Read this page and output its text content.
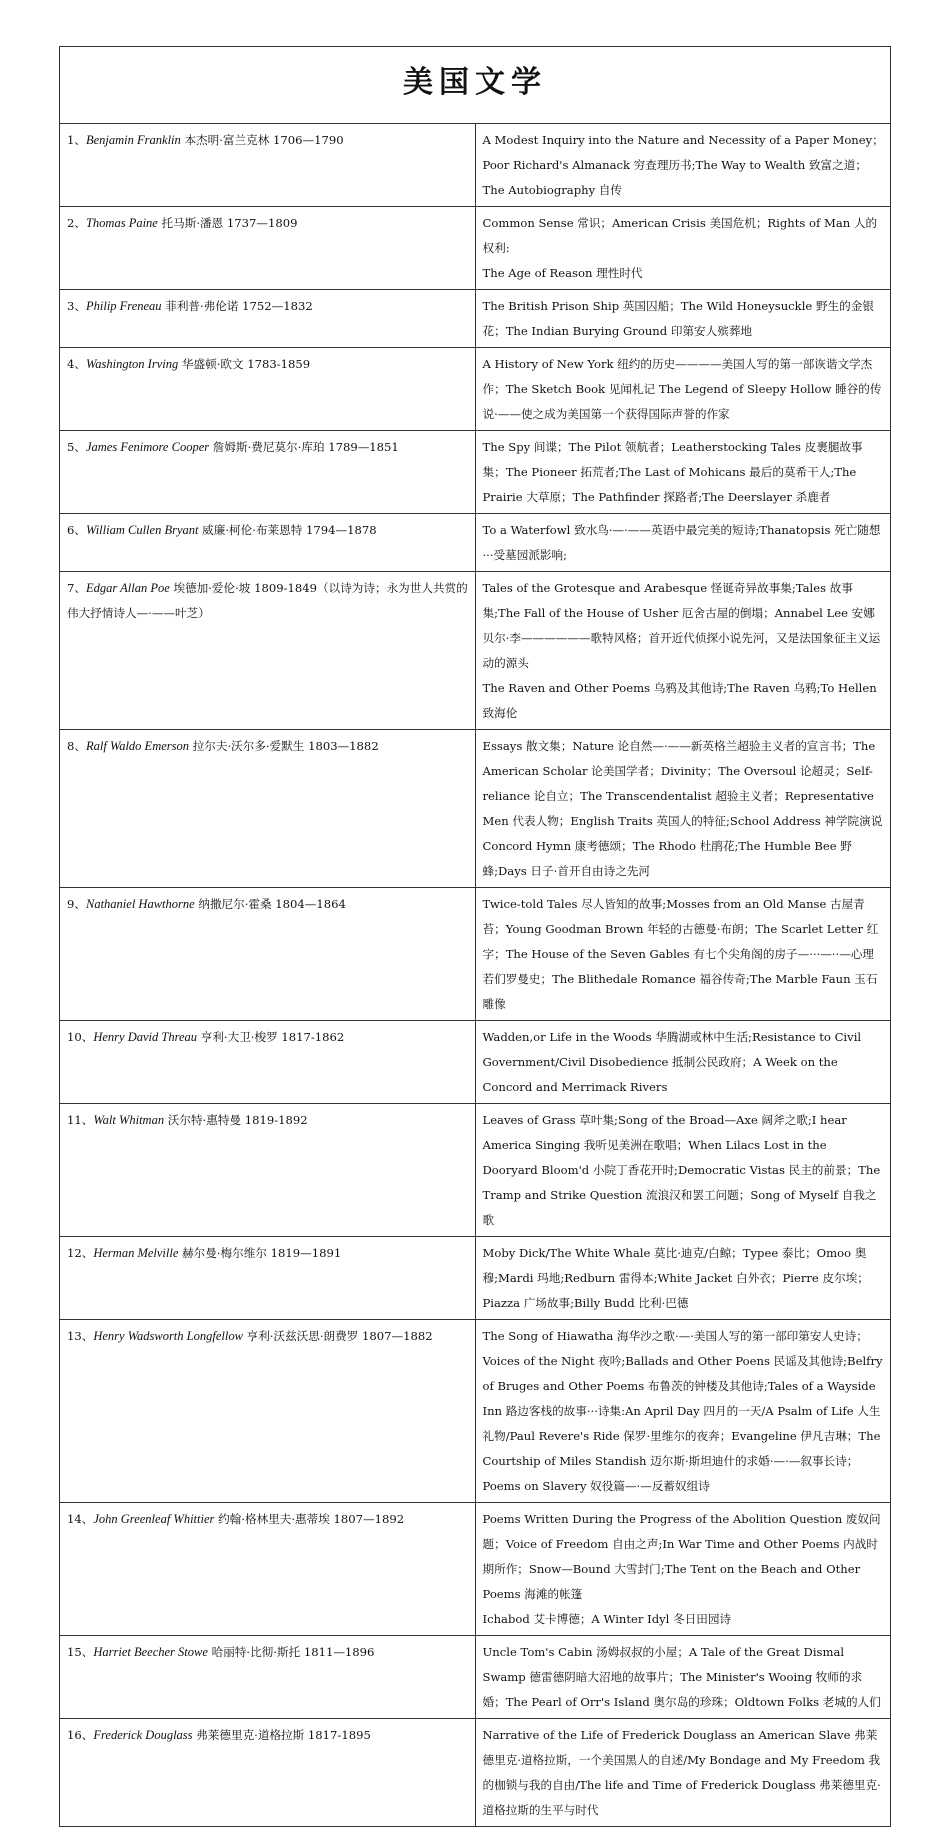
美国文学	
1、Benjamin Franklin 本杰明·富兰克林 1706—1790	A Modest Inquiry into the Nature and Necessity of a Paper Money；Poor Richard's Almanack 穷查理历书;The Way to Wealth 致富之道；The Autobiography 自传

2、Thomas Paine 托马斯·潘恩 1737—1809	Common Sense 常识；American Crisis 美国危机；Rights of Man 人的权利:
The Age of Reason 理性时代

3、Philip Freneau 菲利普·弗伦诺 1752—1832	The British Prison Ship 英国囚船；The Wild Honeysuckle 野生的金银花；The Indian Burying Ground 印第安人殡葬地

4、Washington Irving 华盛顿·欧文 1783-1859	A History of New York 纽约的历史————美国人写的第一部诙谐文学杰作；The Sketch Book 见闻札记 The Legend of Sleepy Hollow 睡谷的传说·——使之成为美国第一个获得国际声誉的作家

5、James Fenimore Cooper 詹姆斯·费尼莫尔·库珀 1789—1851	The Spy 间谍；The Pilot 领航者；Leatherstocking Tales 皮裹腿故事集；The Pioneer 拓荒者;The Last of Mohicans 最后的莫希干人;The Prairie 大草原；The Pathfinder 探路者;The Deerslayer 杀鹿者

6、William Cullen Bryant 威廉·柯伦·布莱恩特 1794—1878	To a Waterfowl 致水鸟·—·——英语中最完美的短诗;Thanatopsis 死亡随想···受墓园派影响;

7、Edgar Allan Poe 埃德加·爱伦·坡 1809-1849（以诗为诗；永为世人共赏的伟大抒情诗人—·——叶芝）	Tales of the Grotesque and Arabesque 怪诞奇异故事集;Tales 故事集;The Fall of the House of Usher 厄舍古屋的倒塌；Annabel Lee 安娜贝尔·李——————歌特风格；首开近代侦探小说先河，又是法国象征主义运动的源头
The Raven and Other Poems 乌鸦及其他诗;The Raven 乌鸦;To Hellen 致海伦

8、Ralf Waldo Emerson 拉尔夫·沃尔多·爱默生 1803—1882	Essays 散文集；Nature 论自然—·——新英格兰超验主义者的宣言书；The American Scholar 论美国学者；Divinity；The Oversoul 论超灵；Self-reliance 论自立；The Transcendentalist 超验主义者；Representative Men 代表人物；English Traits 英国人的特征;School Address 神学院演说
Concord Hymn 康考德颂；The Rhodo 杜鹃花;The Humble Bee 野蜂;Days 日子·首开自由诗之先河

9、Nathaniel Hawthorne 纳撒尼尔·霍桑 1804—1864	Twice-told Tales 尽人皆知的故事;Mosses from an Old Manse 古屋青苔；Young Goodman Brown 年轻的古德曼·布朗；The Scarlet Letter 红字；The House of the Seven Gables 有七个尖角阁的房子—···—··—心理若们罗曼史；The Blithedale Romance 福谷传奇;The Marble Faun 玉石雕像

10、Henry David Threau 亨利·大卫·梭罗 1817-1862	Wadden,or Life in the Woods 华腾湖或林中生活;Resistance to Civil Government/Civil Disobedience 抵制公民政府；A Week on the Concord and Merrimack Rivers

11、Walt Whitman 沃尔特·惠特曼 1819-1892	Leaves of Grass 草叶集;Song of the Broad—Axe 阔斧之歌;I hear America Singing 我听见美洲在歌唱；When Lilacs Lost in the Dooryard Bloom'd 小院丁香花开时;Democratic Vistas 民主的前景；The Tramp and Strike Question 流浪汉和罢工问题；Song of Myself 自我之歌

12、Herman Melville 赫尔曼·梅尔维尔 1819—1891	Moby Dick/The White Whale 莫比·迪克/白鲸；Typee 泰比；Omoo 奥穆;Mardi 玛地;Redburn 雷得本;White Jacket 白外衣；Pierre 皮尔埃；Piazza 广场故事;Billy Budd 比利·巴德

13、Henry Wadsworth Longfellow 亨利·沃兹沃思·朗费罗 1807—1882	The Song of Hiawatha 海华沙之歌·—·美国人写的第一部印第安人史诗；Voices of the Night 夜吟;Ballads and Other Poens 民谣及其他诗;Belfry of Bruges and Other Poems 布鲁茨的钟楼及其他诗;Tales of a Wayside Inn 路边客栈的故事···诗集:An April Day 四月的一天/A Psalm of Life 人生礼物/Paul Revere's Ride 保罗·里维尔的夜奔；Evangeline 伊凡吉琳；The Courtship of Miles Standish 迈尔斯·斯坦迪什的求婚·—·—叙事长诗；Poems on Slavery 奴役篇—·—反蓄奴组诗

14、John Greenleaf Whittier 约翰·格林里夫·惠蒂埃 1807—1892	Poems Written During the Progress of the Abolition Question 废奴问题；Voice of Freedom 自由之声;In War Time and Other Poems 内战时期所作；Snow—Bound 大雪封门;The Tent on the Beach and Other Poems 海滩的帐篷
Ichabod 艾卡博德；A Winter Idyl 冬日田园诗

15、Harriet Beecher Stowe 哈丽特·比彻·斯托 1811—1896	Uncle Tom's Cabin 汤姆叔叔的小屋；A Tale of the Great Dismal Swamp 德雷德阴暗大沼地的故事片；The Minister's Wooing 牧师的求婚；The Pearl of Orr's Island 奥尔岛的珍珠；Oldtown Folks 老城的人们

16、Frederick Douglass 弗莱德里克·道格拉斯 1817-1895	Narrative of the Life of Frederick Douglass an American Slave 弗莱德里克·道格拉斯，一个美国黑人的自述/My Bondage and My Freedom 我的枷锁与我的自由/The life and Time of Frederick Douglass 弗莱德里克·道格拉斯的生平与时代
